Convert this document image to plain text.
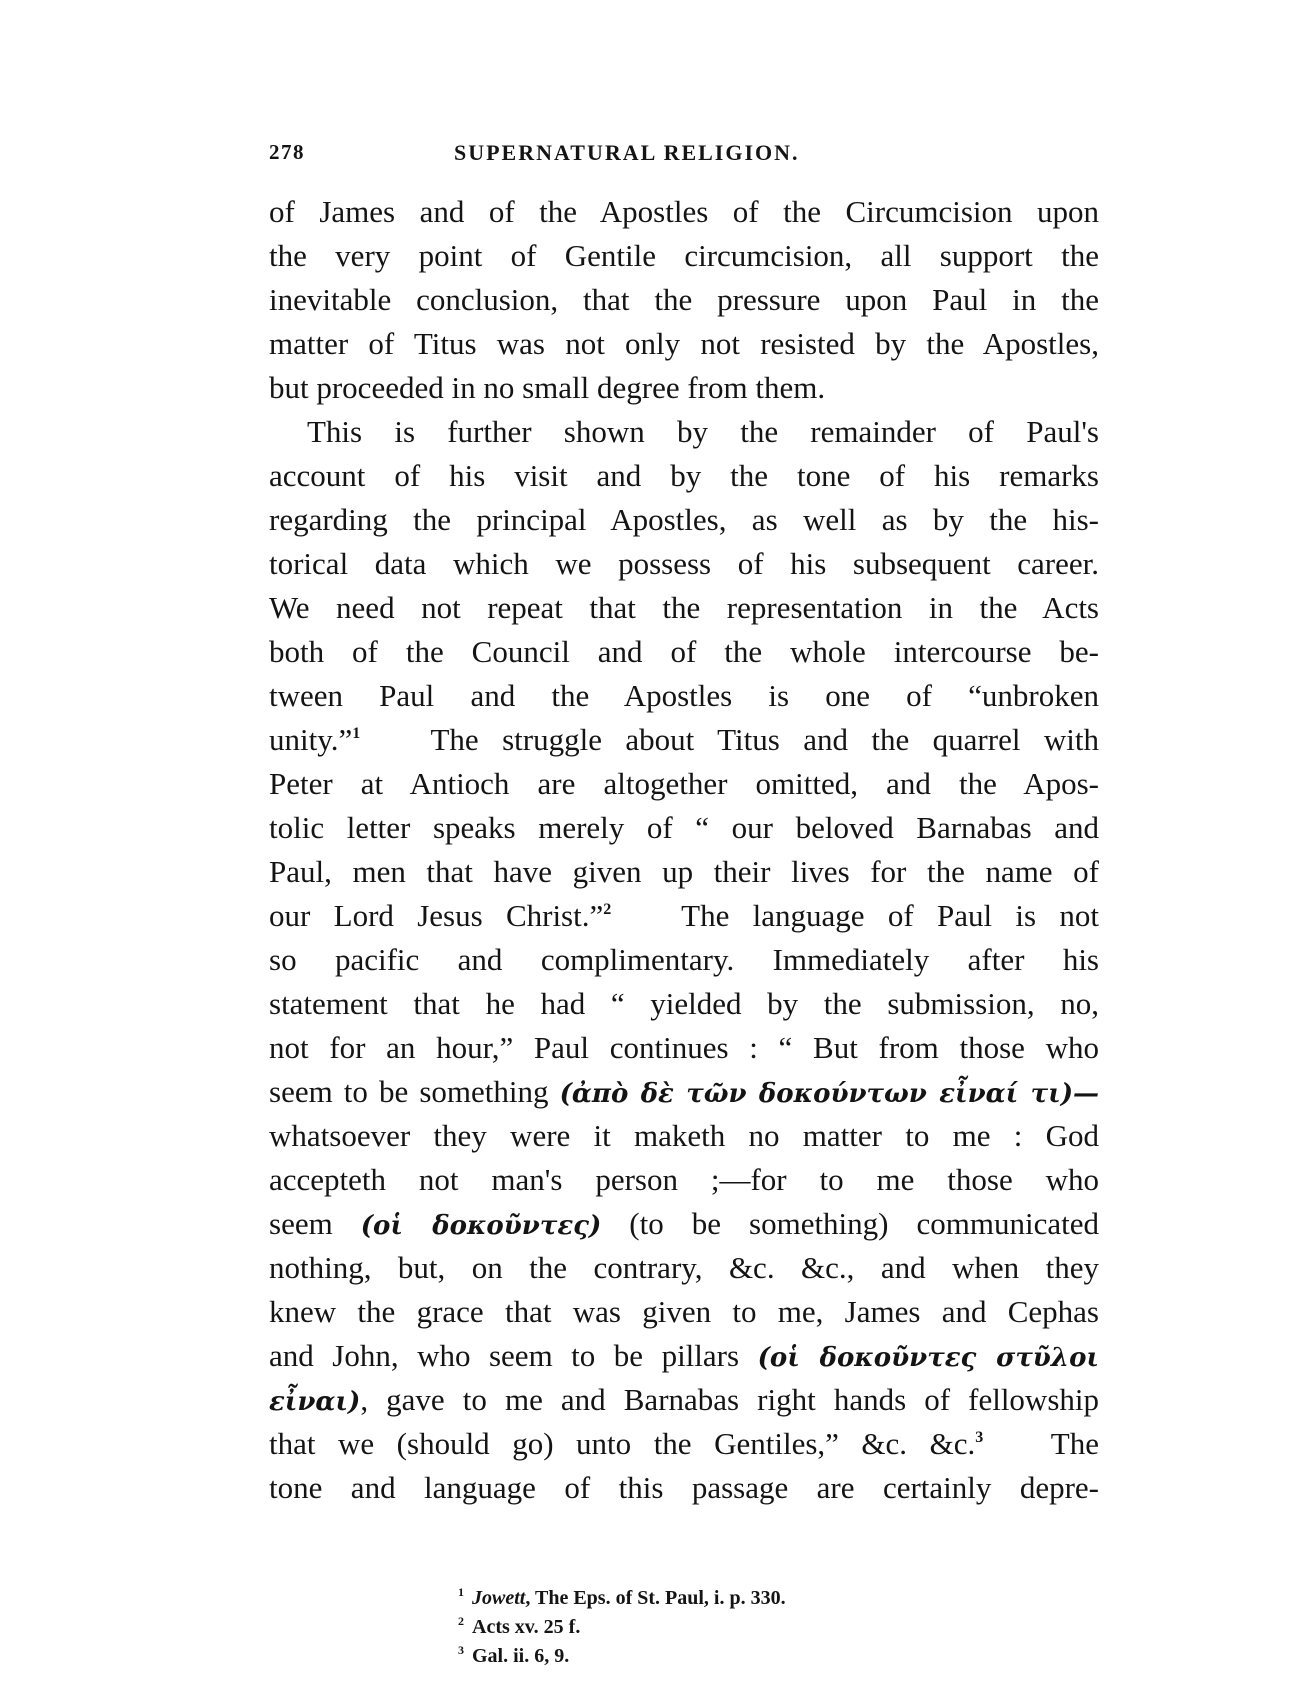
278	SUPERNATURAL RELIGION.
of James and of the Apostles of the Circumcision upon
the very point of Gentile circumcision, all support the
inevitable conclusion, that the pressure upon Paul in the
matter of Titus was not only not resisted by the Apostles,
but proceeded in no small degree from them.
This is further shown by the remainder of Paul's
account of his visit and by the tone of his remarks
regarding the principal Apostles, as well as by the his-
torical data which we possess of his subsequent career.
We need not repeat that the representation in the Acts
both of the Council and of the whole intercourse be-
tween Paul and the Apostles is one of “unbroken
unity.”$^1$ The struggle about Titus and the quarrel with
Peter at Antioch are altogether omitted, and the Apos-
tolic letter speaks merely of “ our beloved Barnabas and
Paul, men that have given up their lives for the name of
our Lord Jesus Christ.”$^2$ The language of Paul is not
so pacific and complimentary. Immediately after his
statement that he had “ yielded by the submission, no,
not for an hour,” Paul continues : “ But from those who
seem to be something (ἀπὸ δὲ τῶν δοκούντων εἶναί τι)—
whatsoever they were it maketh no matter to me : God
accepteth not man's person ;—for to me those who
seem (οἱ δοκοῦντες) (to be something) communicated
nothing, but, on the contrary, &c. &c., and when they
knew the grace that was given to me, James and Cephas
and John, who seem to be pillars (οἱ δοκοῦντες στῦλοι
εἶναι), gave to me and Barnabas right hands of fellowship
that we (should go) unto the Gentiles,” &c. &c.$^3$ The
tone and language of this passage are certainly depre-
$^1$ Jowett, The Eps. of St. Paul, i. p. 330.
$^2$ Acts xv. 25 f.
$^3$ Gal. ii. 6, 9.
